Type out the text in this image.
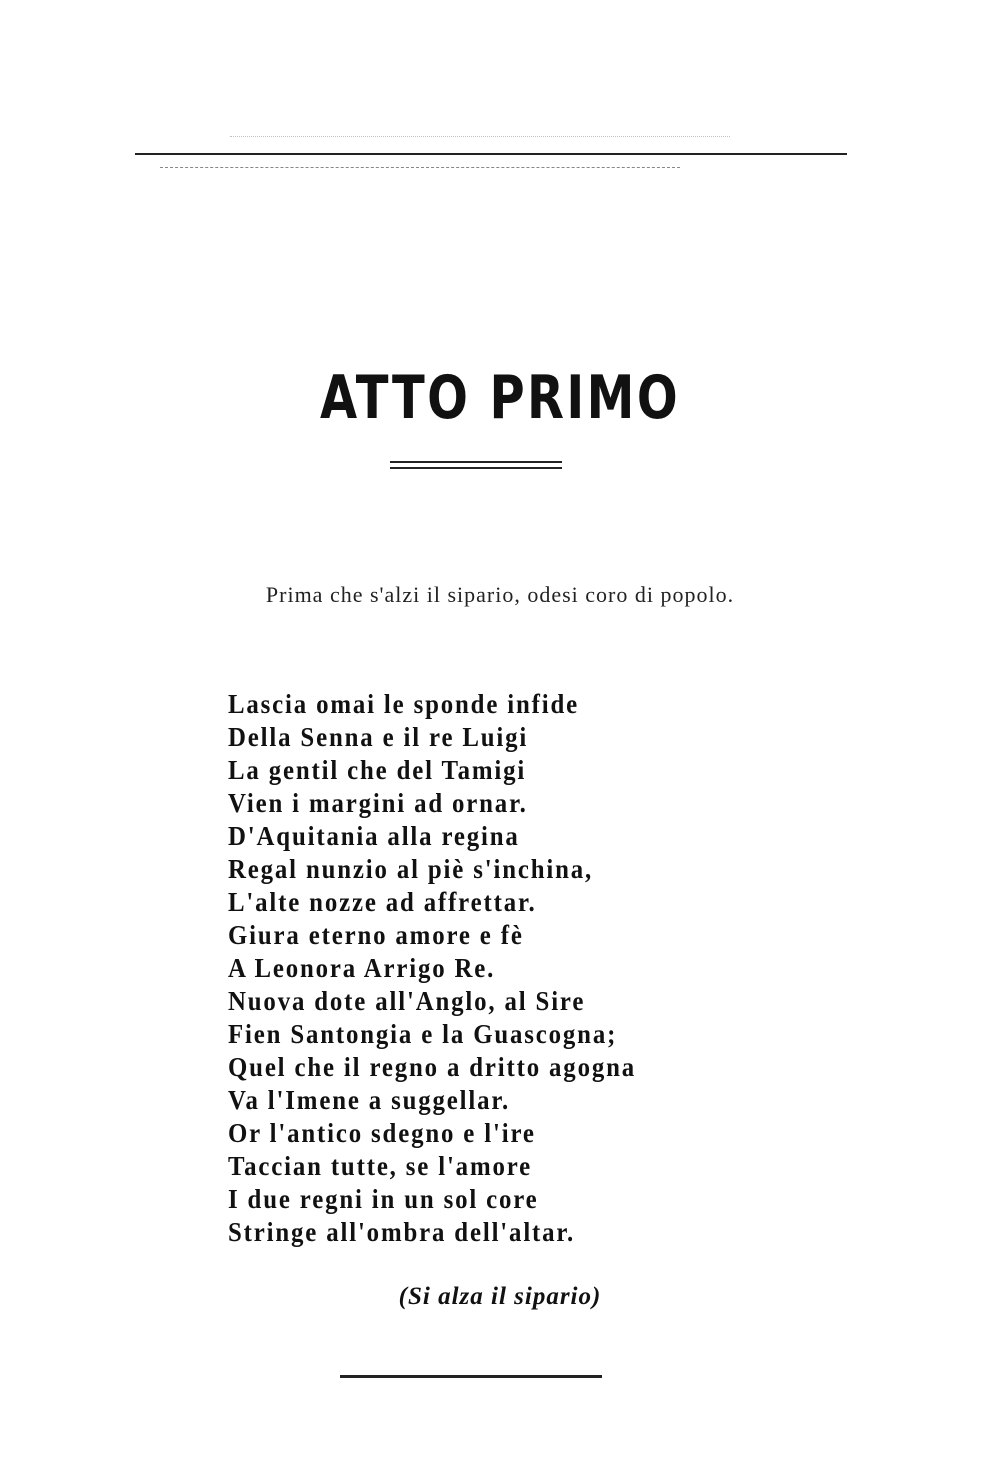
ATTO PRIMO
Prima che s'alzi il sipario, odesi coro di popolo.
Lascia omai le sponde infide
Della Senna e il re Luigi
La gentil che del Tamigi
Vien i margini ad ornar.
D'Aquitania alla regina
Regal nunzio al piè s'inchina,
L'alte nozze ad affrettar.
Giura eterno amore e fè
A Leonora Arrigo Re.
Nuova dote all'Anglo, al Sire
Fien Santongia e la Guascogna;
Quel che il regno a dritto agogna
Va l'Imene a suggellar.
Or l'antico sdegno e l'ire
Taccian tutte, se l'amore
I due regni in un sol core
Stringe all'ombra dell'altar.
(Si alza il sipario)
